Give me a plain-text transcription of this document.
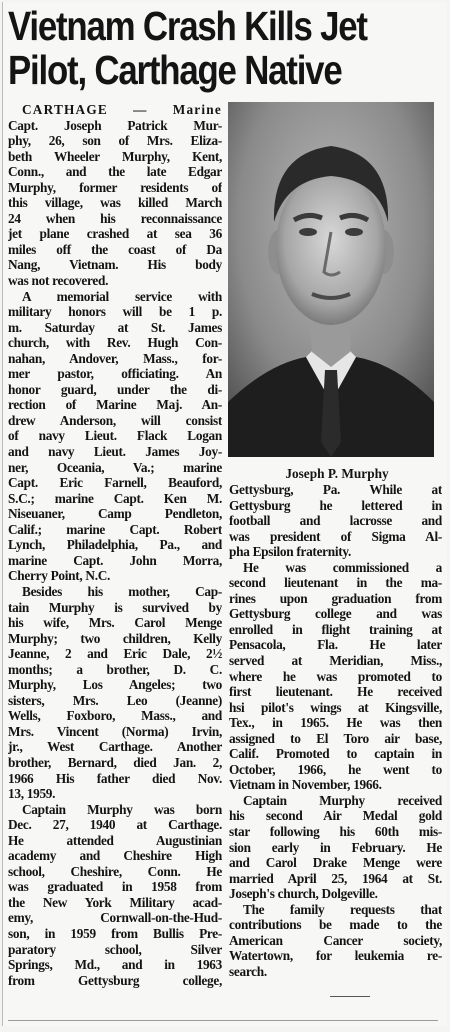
Vietnam Crash Kills Jet
Pilot, Carthage Native
CARTHAGE — Marine
Capt. Joseph Patrick Mur-
phy, 26, son of Mrs. Eliza-
beth Wheeler Murphy, Kent,
Conn., and the late Edgar
Murphy, former residents of
this village, was killed March
24 when his reconnaissance
jet plane crashed at sea 36
miles off the coast of Da
Nang, Vietnam. His body
was not recovered.
A memorial service with
military honors will be 1 p.
m. Saturday at St. James
church, with Rev. Hugh Con-
nahan, Andover, Mass., for-
mer pastor, officiating. An
honor guard, under the di-
rection of Marine Maj. An-
drew Anderson, will consist
of navy Lieut. Flack Logan
and navy Lieut. James Joy-
ner, Oceania, Va.; marine
Capt. Eric Farnell, Beauford,
S.C.; marine Capt. Ken M.
Niseuaner, Camp Pendleton,
Calif.; marine Capt. Robert
Lynch, Philadelphia, Pa., and
marine Capt. John Morra,
Cherry Point, N.C.
Besides his mother, Cap-
tain Murphy is survived by
his wife, Mrs. Carol Menge
Murphy; two children, Kelly
Jeanne, 2 and Eric Dale, 2½
months; a brother, D. C.
Murphy, Los Angeles; two
sisters, Mrs. Leo (Jeanne)
Wells, Foxboro, Mass., and
Mrs. Vincent (Norma) Irvin,
jr., West Carthage. Another
brother, Bernard, died Jan. 2,
1966 His father died Nov.
13, 1959.
Captain Murphy was born
Dec. 27, 1940 at Carthage.
He attended Augustinian
academy and Cheshire High
school, Cheshire, Conn. He
was graduated in 1958 from
the New York Military acad-
emy, Cornwall-on-the-Hud-
son, in 1959 from Bullis Pre-
paratory school, Silver
Springs, Md., and in 1963
from Gettysburg college,
Joseph P. Murphy
Gettysburg, Pa. While at
Gettysburg he lettered in
football and lacrosse and
was president of Sigma Al-
pha Epsilon fraternity.
He was commissioned a
second lieutenant in the ma-
rines upon graduation from
Gettysburg college and was
enrolled in flight training at
Pensacola, Fla. He later
served at Meridian, Miss.,
where he was promoted to
first lieutenant. He received
hsi pilot's wings at Kingsville,
Tex., in 1965. He was then
assigned to El Toro air base,
Calif. Promoted to captain in
October, 1966, he went to
Vietnam in November, 1966.
Captain Murphy received
his second Air Medal gold
star following his 60th mis-
sion early in February. He
and Carol Drake Menge were
married April 25, 1964 at St.
Joseph's church, Dolgeville.
The family requests that
contributions be made to the
American Cancer society,
Watertown, for leukemia re-
search.
